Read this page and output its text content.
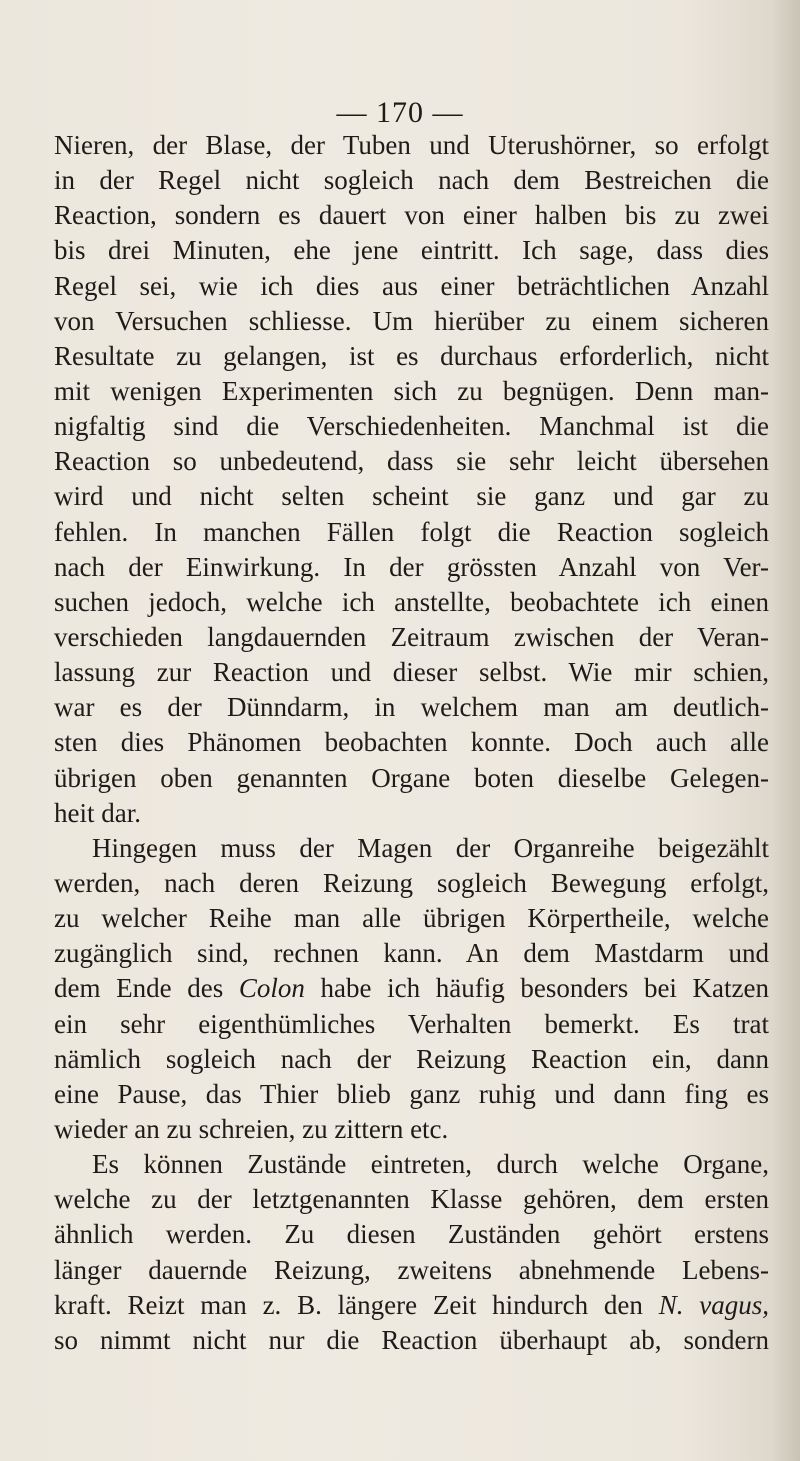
— 170 —
Nieren, der Blase, der Tuben und Uterushörner, so erfolgt
in der Regel nicht sogleich nach dem Bestreichen die
Reaction, sondern es dauert von einer halben bis zu zwei
bis drei Minuten, ehe jene eintritt. Ich sage, dass dies
Regel sei, wie ich dies aus einer beträchtlichen Anzahl
von Versuchen schliesse. Um hierüber zu einem sicheren
Resultate zu gelangen, ist es durchaus erforderlich, nicht
mit wenigen Experimenten sich zu begnügen. Denn man-
nigfaltig sind die Verschiedenheiten. Manchmal ist die
Reaction so unbedeutend, dass sie sehr leicht übersehen
wird und nicht selten scheint sie ganz und gar zu
fehlen. In manchen Fällen folgt die Reaction sogleich
nach der Einwirkung. In der grössten Anzahl von Ver-
suchen jedoch, welche ich anstellte, beobachtete ich einen
verschieden langdauernden Zeitraum zwischen der Veran-
lassung zur Reaction und dieser selbst. Wie mir schien,
war es der Dünndarm, in welchem man am deutlich-
sten dies Phänomen beobachten konnte. Doch auch alle
übrigen oben genannten Organe boten dieselbe Gelegen-
heit dar.
Hingegen muss der Magen der Organreihe beigezählt
werden, nach deren Reizung sogleich Bewegung erfolgt,
zu welcher Reihe man alle übrigen Körpertheile, welche
zugänglich sind, rechnen kann. An dem Mastdarm und
dem Ende des Colon habe ich häufig besonders bei Katzen
ein sehr eigenthümliches Verhalten bemerkt. Es trat
nämlich sogleich nach der Reizung Reaction ein, dann
eine Pause, das Thier blieb ganz ruhig und dann fing es
wieder an zu schreien, zu zittern etc.
Es können Zustände eintreten, durch welche Organe,
welche zu der letztgenannten Klasse gehören, dem ersten
ähnlich werden. Zu diesen Zuständen gehört erstens
länger dauernde Reizung, zweitens abnehmende Lebens-
kraft. Reizt man z. B. längere Zeit hindurch den N. vagus,
so nimmt nicht nur die Reaction überhaupt ab, sondern
